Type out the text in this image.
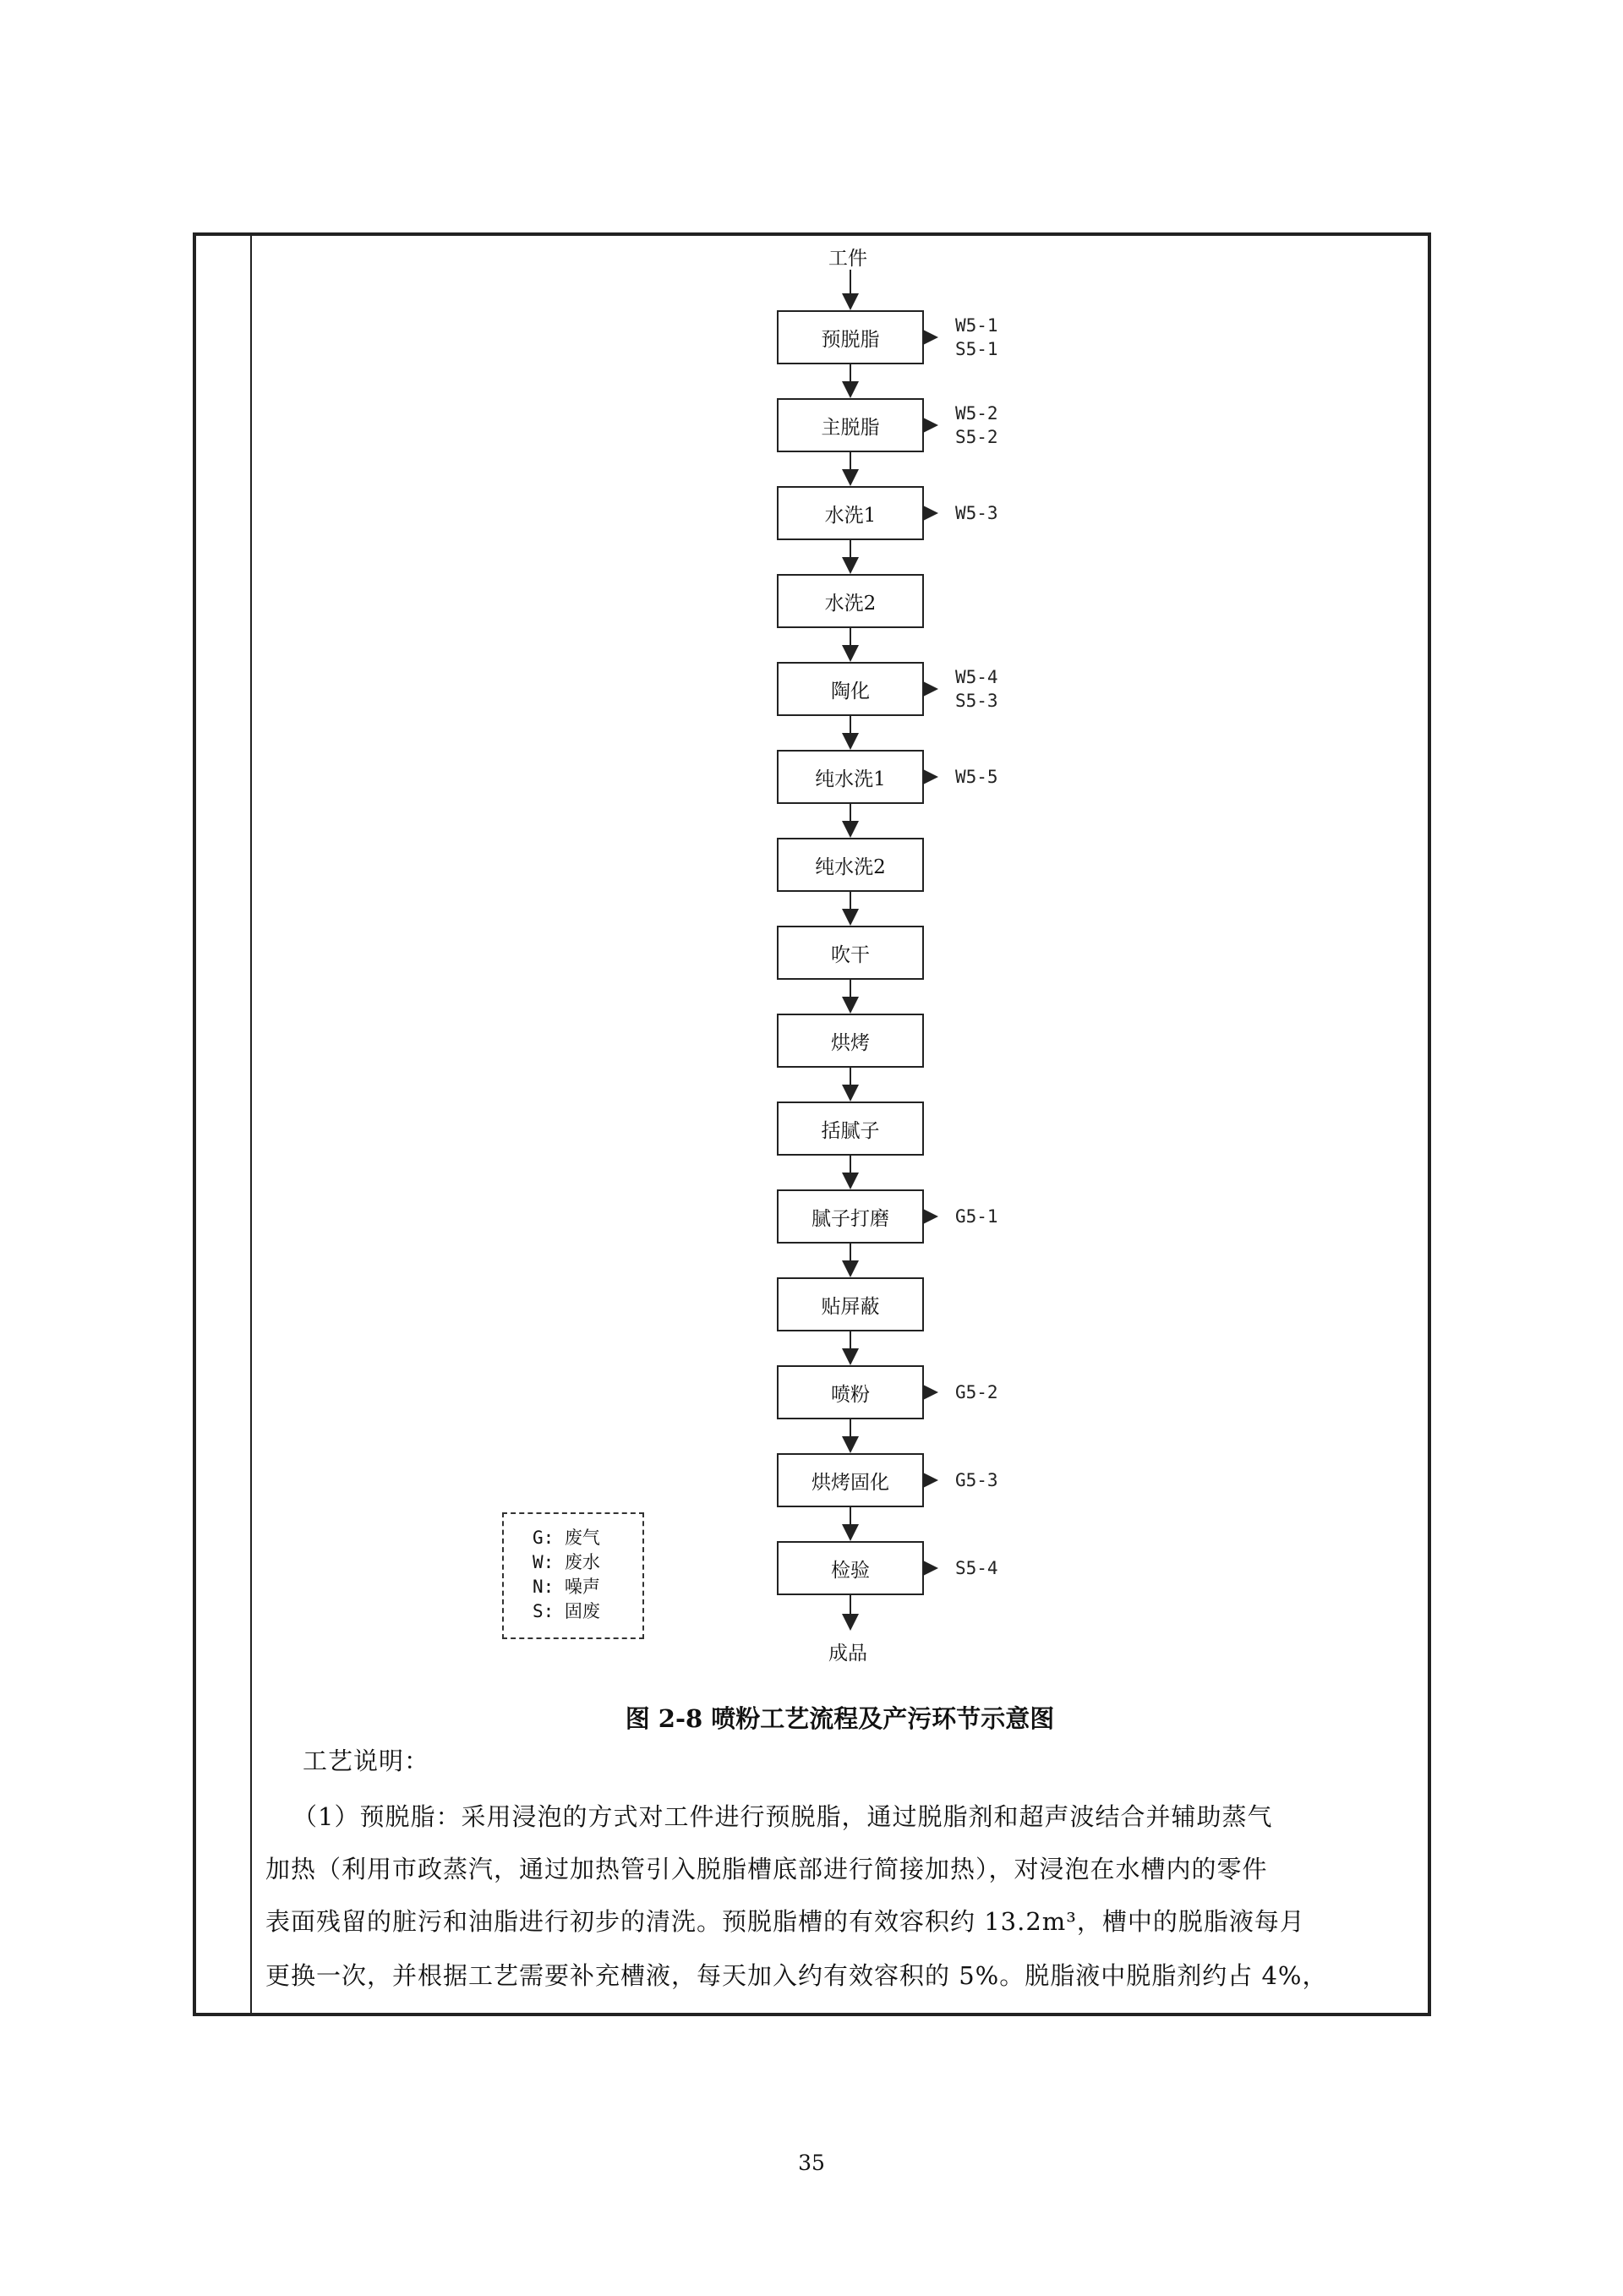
工件
预脱脂
W5-1
S5-1
主脱脂
W5-2
S5-2
水洗1	W5-3
水洗2
陶化
W5-4
S5-3
纯水洗1	W5-5
纯水洗2
吹干
烘烤
括腻子
腻子打磨	G5-1
贴屏蔽
喷粉	G5-2
烘烤固化	G5-3
检验	S5-4
成品
G: 废气
W: 废水
N: 噪声
S: 固废
图 2-8 喷粉工艺流程及产污环节示意图
工艺说明：
（1）预脱脂：采用浸泡的方式对工件进行预脱脂，通过脱脂剂和超声波结合并辅助蒸气
加热（利用市政蒸汽，通过加热管引入脱脂槽底部进行简接加热），对浸泡在水槽内的零件
表面残留的脏污和油脂进行初步的清洗。预脱脂槽的有效容积约 13.2m³，槽中的脱脂液每月
更换一次，并根据工艺需要补充槽液，每天加入约有效容积的 5%。脱脂液中脱脂剂约占 4%，
35
